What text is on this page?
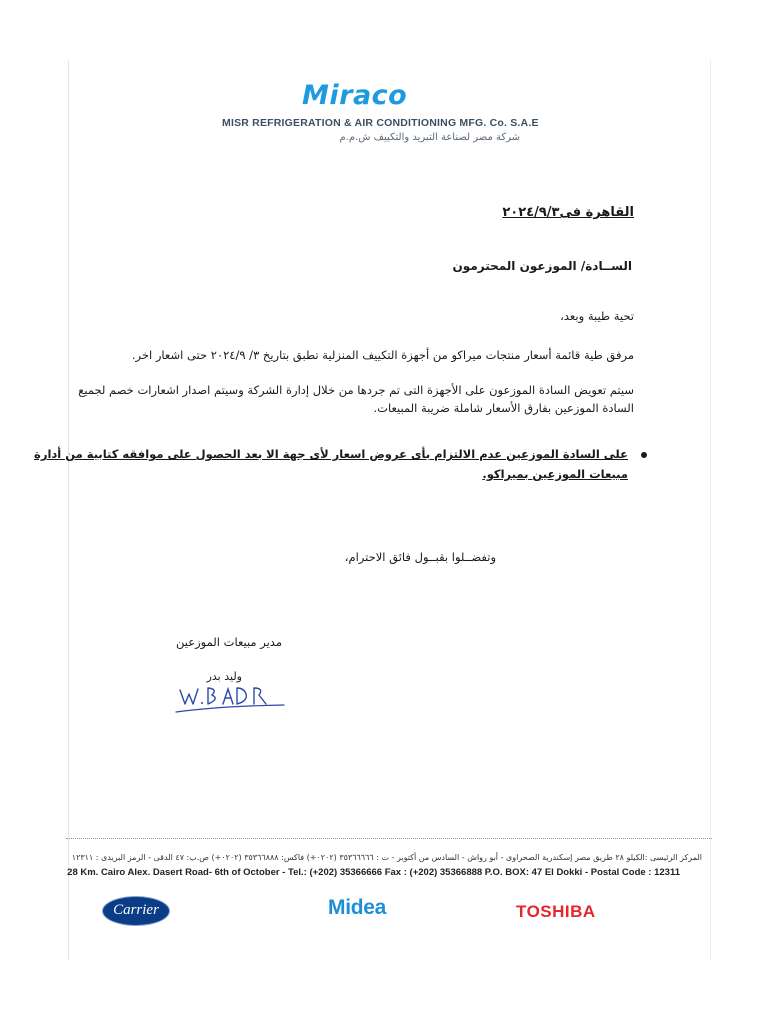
Miraco
MISR REFRIGERATION & AIR CONDITIONING MFG. Co. S.A.E
شركة مصر لصناعة التبريد والتكييف ش.م.م
القاهرة فى٢٠٢٤/٩/٣
الســادة/ الموزعون المحترمون
تحية طيبة وبعد،
مرفق طية قائمة أسعار منتجات ميراكو من أجهزة التكييف المنزلية تطبق بتاريخ ٣/ ٢٠٢٤/٩ حتى اشعار اخر.
سيتم تعويض السادة الموزعون على الأجهزة التى تم جردها من خلال إدارة الشركة وسيتم اصدار اشعارات خصم لجميع
السادة الموزعين بفارق الأسعار شاملة ضريبة المبيعات.
على السادة الموزعين عدم الالتزام بأى عروض اسعار لأى جهة الا بعد الحصول على موافقه كتابية من أدارة
مبيعات الموزعين بميراكو.
وتفضــلوا بقبــول فائق الاحترام،
مدير مبيعات الموزعين
وليد بدر
المركز الرئيسى :الكيلو ٢٨ طريق مصر إسكندرية الصحراوى - أبو رواش - السادس من أكتوبر - ت : ٣٥٣٦٦٦٦٦ (٠٢٠٢+) فاكس: ٣٥٣٦٦٨٨٨ (٠٢٠٢+) ص.ب: ٤٧ الدقى - الرمز البريدى : ١٢٣١١
28 Km. Cairo Alex. Dasert Road- 6th of October - Tel.: (+202) 35366666 Fax : (+202) 35366888 P.O. BOX: 47 El Dokki - Postal Code : 12311
Carrier	Midea	TOSHIBA
